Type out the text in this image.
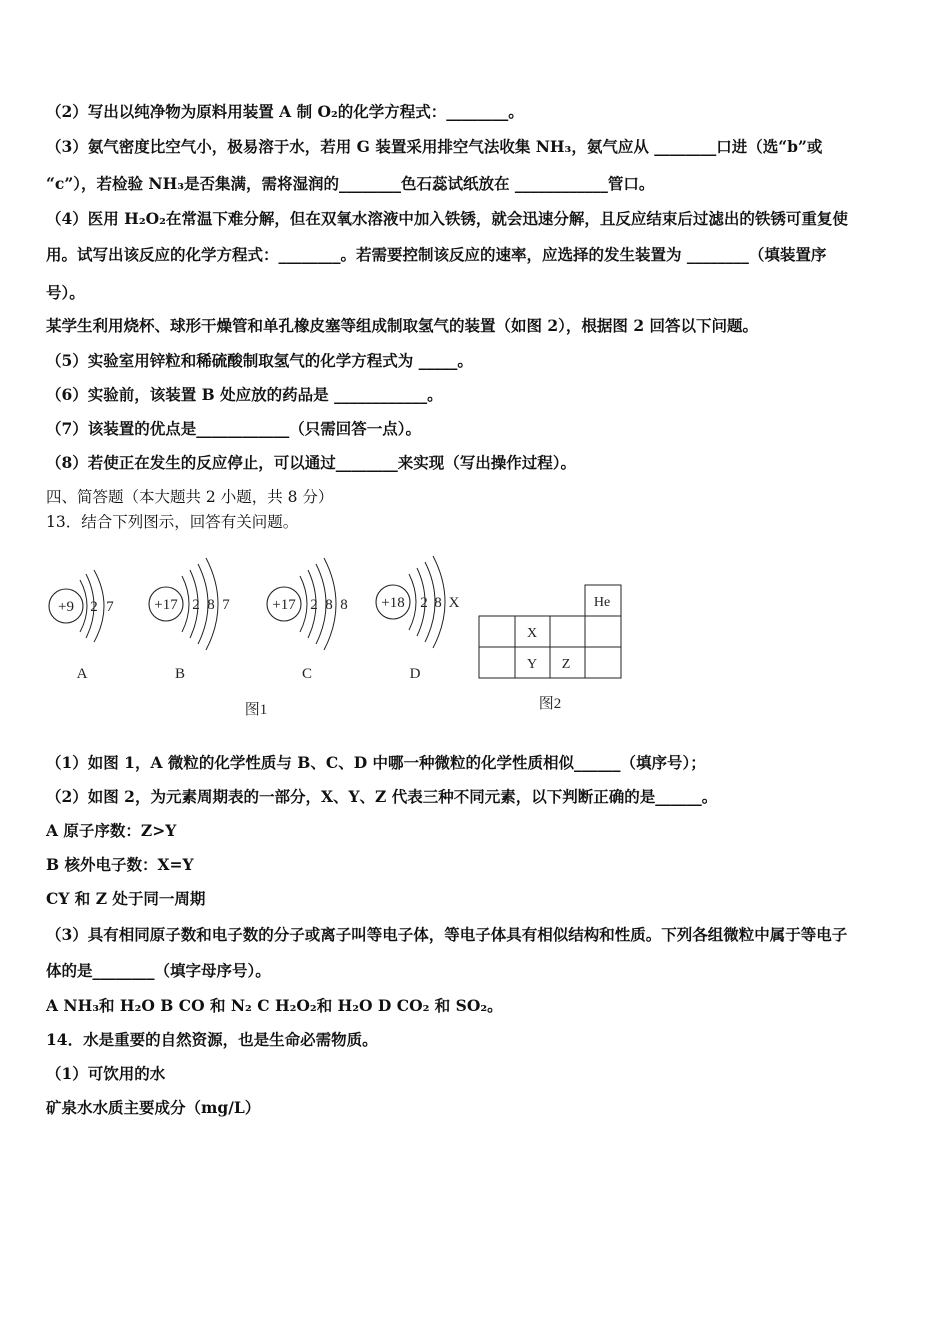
（2）写出以纯净物为原料用装置 A 制 O₂的化学方程式：________。

（3）氨气密度比空气小，极易溶于水，若用 G 装置采用排空气法收集 NH₃，氨气应从 ________口进（选“b”或

“c”），若检验 NH₃是否集满，需将湿润的________色石蕊试纸放在 ____________管口。

（4）医用 H₂O₂在常温下难分解，但在双氧水溶液中加入铁锈，就会迅速分解，且反应结束后过滤出的铁锈可重复使

用。试写出该反应的化学方程式：________。若需要控制该反应的速率，应选择的发生装置为 ________（填装置序

号）。

某学生利用烧杯、球形干燥管和单孔橡皮塞等组成制取氢气的装置（如图 2），根据图 2 回答以下问题。

（5）实验室用锌粒和稀硫酸制取氢气的化学方程式为 _____。

（6）实验前，该装置 B 处应放的药品是 ____________。

（7）该装置的优点是____________（只需回答一点）。

（8）若使正在发生的反应停止，可以通过________来实现（写出操作过程）。

四、简答题（本大题共 2 小题，共 8 分）

13．结合下列图示，回答有关问题。

+9 2 7
A
+17 2 8 7
B
+17 2 8 8
C
+18 2 8 X
D
图1
He
X
Y Z
图2

（1）如图 1，A 微粒的化学性质与 B、C、D 中哪一种微粒的化学性质相似______（填序号）；

（2）如图 2，为元素周期表的一部分，X、Y、Z 代表三种不同元素，以下判断正确的是______。

A 原子序数：Z>Y

B 核外电子数：X=Y

CY 和 Z 处于同一周期

（3）具有相同原子数和电子数的分子或离子叫等电子体，等电子体具有相似结构和性质。下列各组微粒中属于等电子

体的是________（填字母序号）。

A NH₃和 H₂O B CO 和 N₂ C H₂O₂和 H₂O D CO₂ 和 SO₂。

14．水是重要的自然资源，也是生命必需物质。

（1）可饮用的水

矿泉水水质主要成分（mg/L）
